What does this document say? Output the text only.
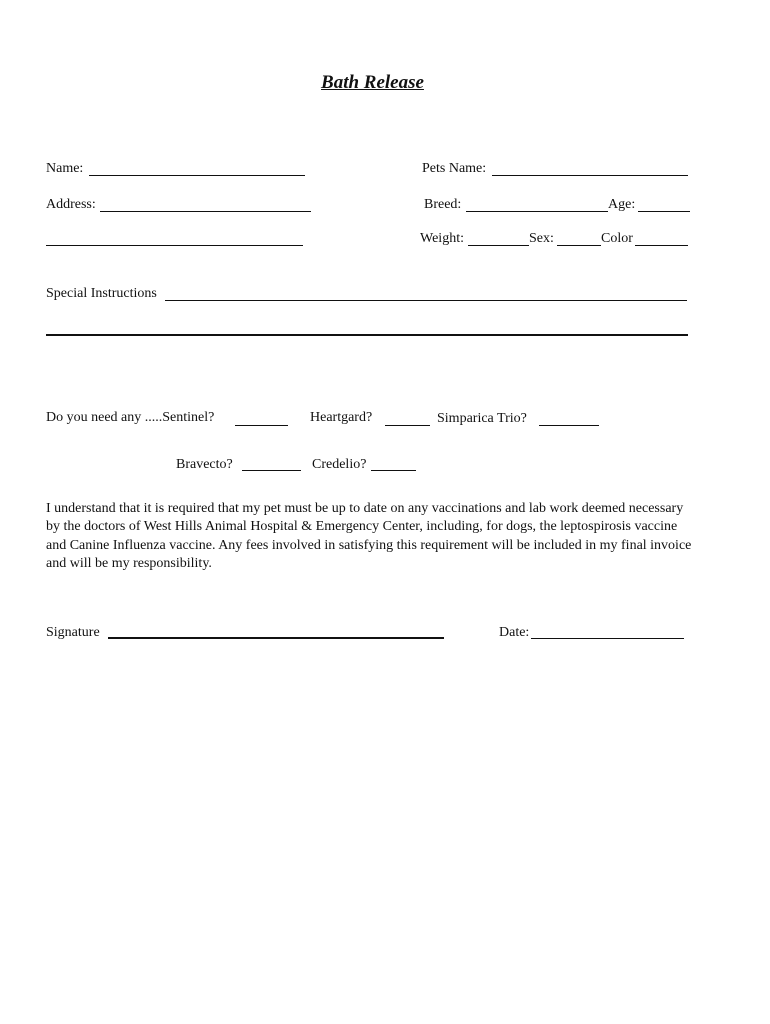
Bath Release
Name:	Pets Name:
Address:	Breed:	Age:
Weight:	Sex:	Color
Special Instructions
Do you need any .....Sentinel?	Heartgard?	Simparica Trio?
Bravecto?	Credelio?
I understand that it is required that my pet must be up to date on any vaccinations and lab work deemed necessary by the doctors of West Hills Animal Hospital & Emergency Center, including, for dogs, the leptospirosis vaccine and Canine Influenza vaccine. Any fees involved in satisfying this requirement will be included in my final invoice and will be my responsibility.
Signature	Date:
